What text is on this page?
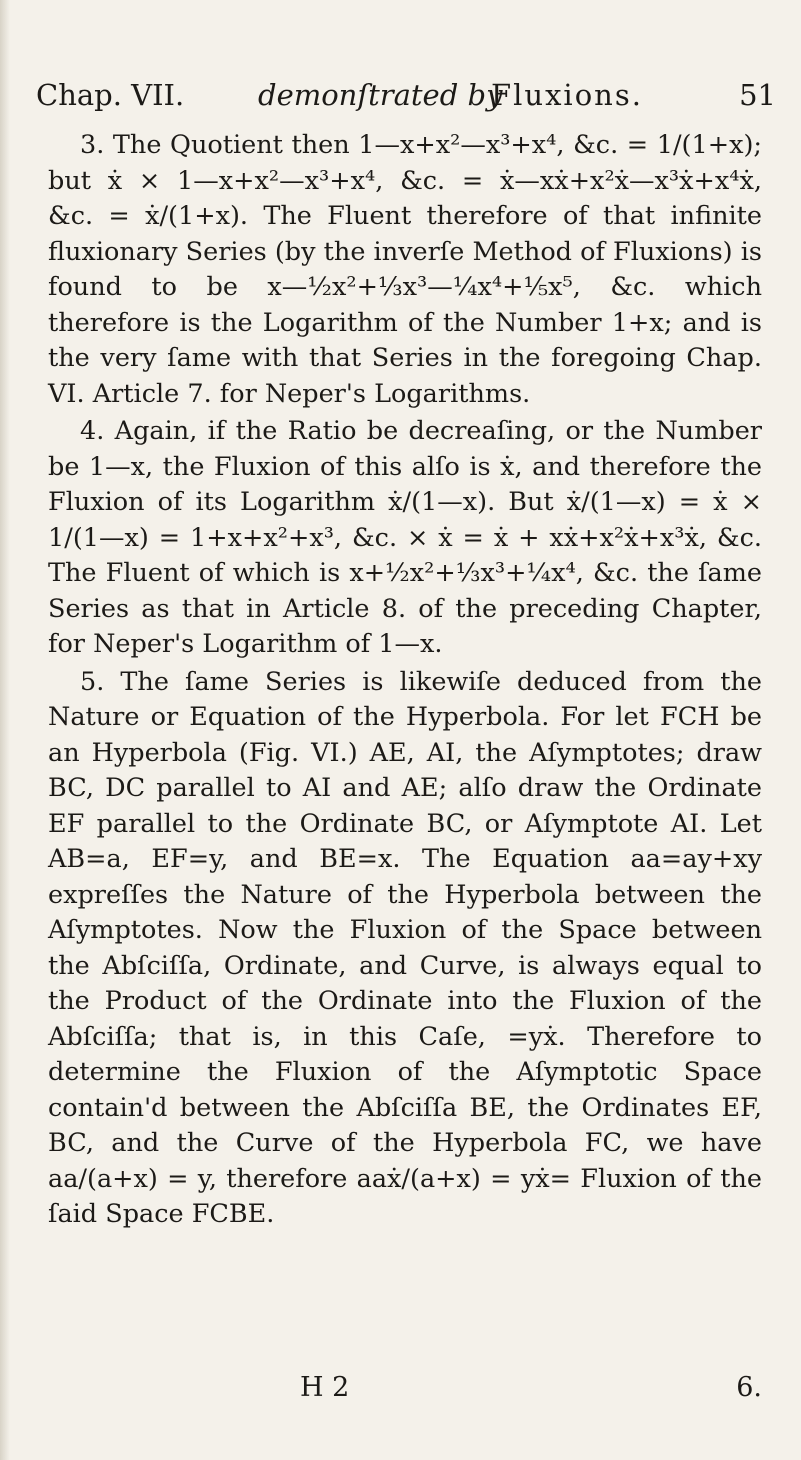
Chap. VII.	demonſtrated by
Fluxions.	51

3. The Quotient then 1—x+x²—x³+x⁴, &c. = 1/(1+x); but ẋ × 1—x+x²—x³+x⁴, &c. = ẋ—xẋ+x²ẋ—x³ẋ+x⁴ẋ, &c. = ẋ/(1+x). The Fluent therefore of that infinite fluxionary Series (by the inverſe Method of Fluxions) is found to be x—½x²+⅓x³—¼x⁴+⅕x⁵, &c. which therefore is the Logarithm of the Number 1+x; and is the very ſame with that Series in the foregoing Chap. VI. Article 7. for Neper's Logarithms.

4. Again, if the Ratio be decreaſing, or the Number be 1—x, the Fluxion of this alſo is ẋ, and therefore the Fluxion of its Logarithm ẋ/(1—x). But ẋ/(1—x) = ẋ × 1/(1—x) = 1+x+x²+x³, &c. × ẋ = ẋ + xẋ+x²ẋ+x³ẋ, &c. The Fluent of which is x+½x²+⅓x³+¼x⁴, &c. the ſame Series as that in Article 8. of the preceding Chapter, for Neper's Logarithm of 1—x.

5. The ſame Series is likewiſe deduced from the Nature or Equation of the Hyperbola. For let FCH be an Hyperbola (Fig. VI.) AE, AI, the Aſymptotes; draw BC, DC parallel to AI and AE; alſo draw the Ordinate EF parallel to the Ordinate BC, or Aſymptote AI. Let AB=a, EF=y, and BE=x. The Equation aa=ay+xy expreſſes the Nature of the Hyperbola between the Aſymptotes. Now the Fluxion of the Space between the Abſciſſa, Ordinate, and Curve, is always equal to the Product of the Ordinate into the Fluxion of the Abſciſſa; that is, in this Caſe, =yẋ. Therefore to determine the Fluxion of the Aſymptotic Space contain'd between the Abſciſſa BE, the Ordinates EF, BC, and the Curve of the Hyperbola FC, we have aa/(a+x) = y, therefore aaẋ/(a+x) = yẋ= Fluxion of the ſaid Space FCBE.

H 2	6.
